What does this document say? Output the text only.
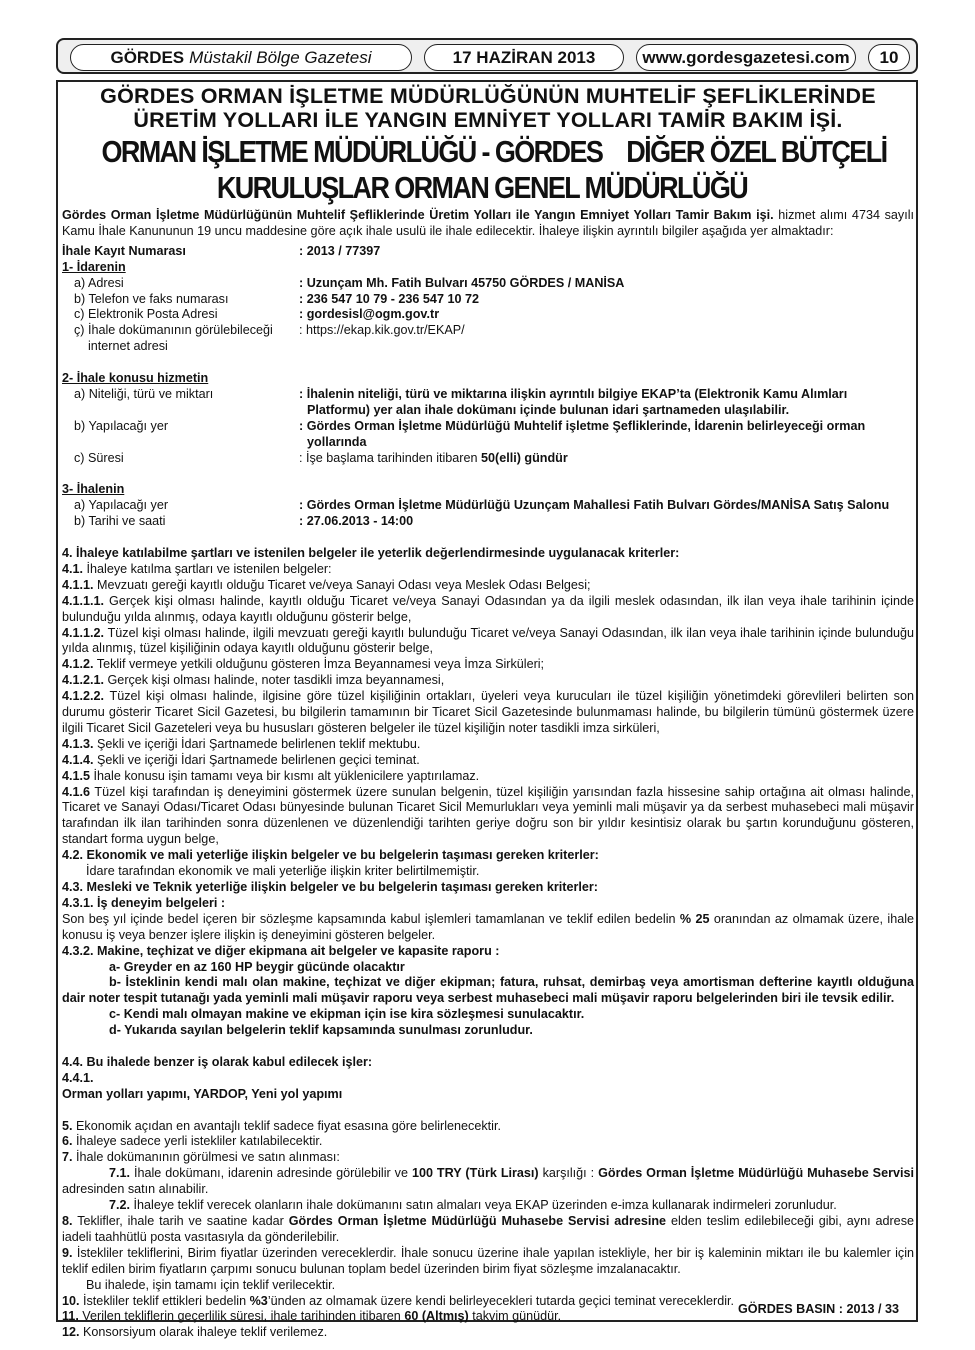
GÖRDES Müstakil Bölge Gazetesi	17 HAZİRAN 2013	www.gordesgazetesi.com 10

GÖRDES ORMAN İŞLETME MÜDÜRLÜĞÜNÜN MUHTELİF ŞEFLİKLERİNDE

ÜRETİM YOLLARI İLE YANGIN EMNİYET YOLLARI TAMİR BAKIM İŞİ.

ORMAN İŞLETME MÜDÜRLÜĞÜ - GÖRDES DİĞER ÖZEL BÜTÇELİ KURULUŞLAR ORMAN GENEL MÜDÜRLÜĞÜ

Gördes Orman İşletme Müdürlüğünün Muhtelif Şefliklerinde Üretim Yolları ile Yangın Emniyet Yolları Tamir Bakım işi. hizmet alımı 4734 sayılı Kamu İhale Kanununun 19 uncu maddesine göre açık ihale usulü ile ihale edilecektir. İhaleye ilişkin ayrıntılı bilgiler aşağıda yer almaktadır:

İhale Kayıt Numarası	: 2013 / 77397

1- İdarenin

a) Adresi	: Uzunçam Mh. Fatih Bulvarı 45750 GÖRDES / MANİSA
b) Telefon ve faks numarası	: 236 547 10 79 - 236 547 10 72
c) Elektronik Posta Adresi	: gordesisl@ogm.gov.tr
ç) İhale dokümanının görülebileceği
internet adresi
: https://ekap.kik.gov.tr/EKAP/

2- İhale konusu hizmetin

a) Niteliği, türü ve miktarı	: İhalenin niteliği, türü ve miktarına ilişkin ayrıntılı bilgiye EKAP’ta (Elektronik Kamu Alımları
Platformu) yer alan ihale dokümanı içinde bulunan idari şartnameden ulaşılabilir.
b) Yapılacağı yer	: Gördes Orman İşletme Müdürlüğü Muhtelif işletme Şefliklerinde, İdarenin belirleyeceği orman
yollarında
c) Süresi	: İşe başlama tarihinden itibaren 50(elli) gündür

3- İhalenin

a) Yapılacağı yer	: Gördes Orman İşletme Müdürlüğü Uzunçam Mahallesi Fatih Bulvarı Gördes/MANİSA Satış Salonu
b) Tarihi ve saati	: 27.06.2013 - 14:00

4. İhaleye katılabilme şartları ve istenilen belgeler ile yeterlik değerlendirmesinde uygulanacak kriterler:

4.1. İhaleye katılma şartları ve istenilen belgeler:

4.1.1. Mevzuatı gereği kayıtlı olduğu Ticaret ve/veya Sanayi Odası veya Meslek Odası Belgesi;

4.1.1.1. Gerçek kişi olması halinde, kayıtlı olduğu Ticaret ve/veya Sanayi Odasından ya da ilgili meslek odasından, ilk ilan veya ihale tarihinin içinde bulunduğu yılda alınmış, odaya kayıtlı olduğunu gösterir belge,

4.1.1.2. Tüzel kişi olması halinde, ilgili mevzuatı gereği kayıtlı bulunduğu Ticaret ve/veya Sanayi Odasından, ilk ilan veya ihale tarihinin içinde bulunduğu yılda alınmış, tüzel kişiliğinin odaya kayıtlı olduğunu gösterir belge,

4.1.2. Teklif vermeye yetkili olduğunu gösteren İmza Beyannamesi veya İmza Sirküleri;

4.1.2.1. Gerçek kişi olması halinde, noter tasdikli imza beyannamesi,

4.1.2.2. Tüzel kişi olması halinde, ilgisine göre tüzel kişiliğinin ortakları, üyeleri veya kurucuları ile tüzel kişiliğin yönetimdeki görevlileri belirten son durumu gösterir Ticaret Sicil Gazetesi, bu bilgilerin tamamının bir Ticaret Sicil Gazetesinde bulunmaması halinde, bu bilgilerin tümünü göstermek üzere ilgili Ticaret Sicil Gazeteleri veya bu hususları gösteren belgeler ile tüzel kişiliğin noter tasdikli imza sirküleri,

4.1.3. Şekli ve içeriği İdari Şartnamede belirlenen teklif mektubu.

4.1.4. Şekli ve içeriği İdari Şartnamede belirlenen geçici teminat.

4.1.5 İhale konusu işin tamamı veya bir kısmı alt yüklenicilere yaptırılamaz.

4.1.6 Tüzel kişi tarafından iş deneyimini göstermek üzere sunulan belgenin, tüzel kişiliğin yarısından fazla hissesine sahip ortağına ait olması halinde, Ticaret ve Sanayi Odası/Ticaret Odası bünyesinde bulunan Ticaret Sicil Memurlukları veya yeminli mali müşavir ya da serbest muhasebeci mali müşavir tarafından ilk ilan tarihinden sonra düzenlenen ve düzenlendiği tarihten geriye doğru son bir yıldır kesintisiz olarak bu şartın korunduğunu gösteren, standart forma uygun belge,

4.2. Ekonomik ve mali yeterliğe ilişkin belgeler ve bu belgelerin taşıması gereken kriterler:

İdare tarafından ekonomik ve mali yeterliğe ilişkin kriter belirtilmemiştir.

4.3. Mesleki ve Teknik yeterliğe ilişkin belgeler ve bu belgelerin taşıması gereken kriterler:

4.3.1. İş deneyim belgeleri :

Son beş yıl içinde bedel içeren bir sözleşme kapsamında kabul işlemleri tamamlanan ve teklif edilen bedelin % 25 oranından az olmamak üzere, ihale konusu iş veya benzer işlere ilişkin iş deneyimini gösteren belgeler.

4.3.2. Makine, teçhizat ve diğer ekipmana ait belgeler ve kapasite raporu :

a- Greyder en az 160 HP beygir gücünde olacaktır

b- İsteklinin kendi malı olan makine, teçhizat ve diğer ekipman; fatura, ruhsat, demirbaş veya amortisman defterine kayıtlı olduğuna dair noter tespit tutanağı yada yeminli mali müşavir raporu veya serbest muhasebeci mali müşavir raporu belgelerinden biri ile tevsik edilir.

c- Kendi malı olmayan makine ve ekipman için ise kira sözleşmesi sunulacaktır.

d- Yukarıda sayılan belgelerin teklif kapsamında sunulması zorunludur.

4.4. Bu ihalede benzer iş olarak kabul edilecek işler:

4.4.1.

Orman yolları yapımı, YARDOP, Yeni yol yapımı

5. Ekonomik açıdan en avantajlı teklif sadece fiyat esasına göre belirlenecektir.

6. İhaleye sadece yerli istekliler katılabilecektir.

7. İhale dokümanının görülmesi ve satın alınması:

7.1. İhale dokümanı, idarenin adresinde görülebilir ve 100 TRY (Türk Lirası) karşılığı : Gördes Orman İşletme Müdürlüğü Muhasebe Servisi adresinden satın alınabilir.

7.2. İhaleye teklif verecek olanların ihale dokümanını satın almaları veya EKAP üzerinden e-imza kullanarak indirmeleri zorunludur.

8. Teklifler, ihale tarih ve saatine kadar Gördes Orman İşletme Müdürlüğü Muhasebe Servisi adresine elden teslim edilebileceği gibi, aynı adrese iadeli taahhütlü posta vasıtasıyla da gönderilebilir.

9. İstekliler tekliflerini, Birim fiyatlar üzerinden vereceklerdir. İhale sonucu üzerine ihale yapılan istekliyle, her bir iş kaleminin miktarı ile bu kalemler için teklif edilen birim fiyatların çarpımı sonucu bulunan toplam bedel üzerinden birim fiyat sözleşme imzalanacaktır.

Bu ihalede, işin tamamı için teklif verilecektir.

10. İstekliler teklif ettikleri bedelin %3’ünden az olmamak üzere kendi belirleyecekleri tutarda geçici teminat vereceklerdir.

11. Verilen tekliflerin geçerlilik süresi, ihale tarihinden itibaren 60 (Altmış) takvim günüdür.

12. Konsorsiyum olarak ihaleye teklif verilemez.

GÖRDES BASIN : 2013 / 33
